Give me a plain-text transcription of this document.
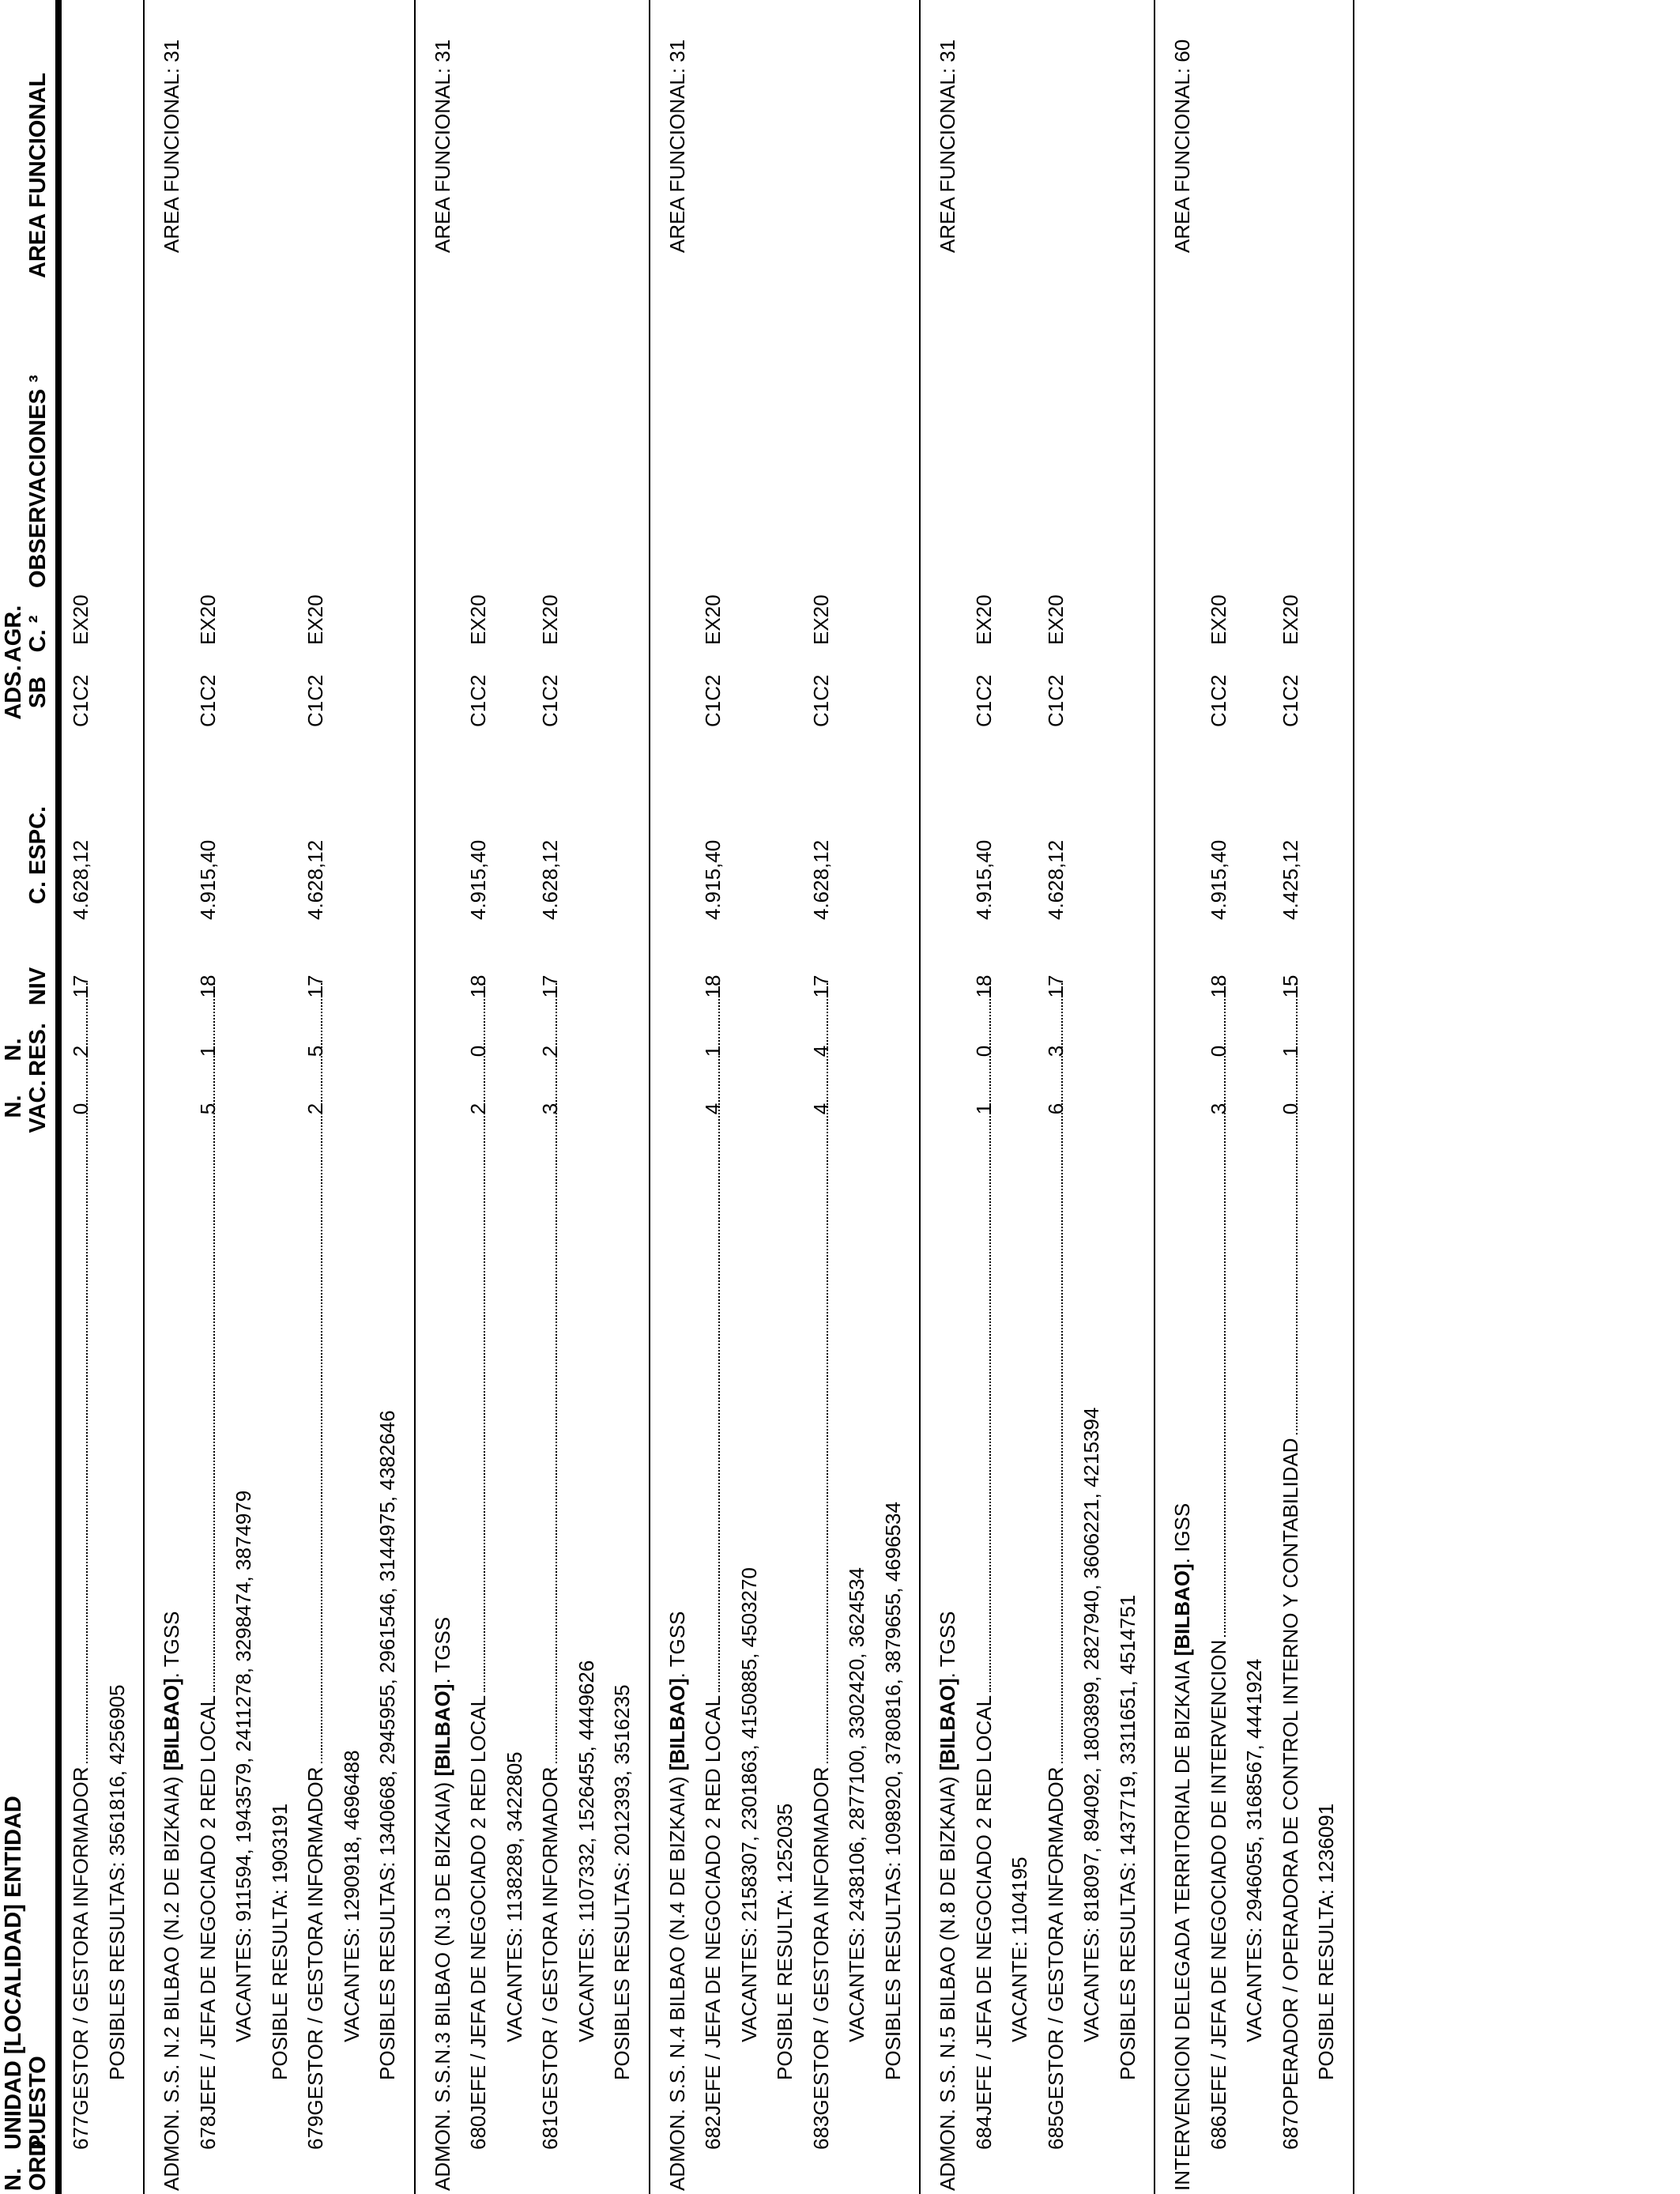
N. ORD.
UNIDAD [LOCALIDAD] ENTIDAD PUESTO
N. VAC.
N. RES.
NIV
C. ESPC.
ADS. SB
AGR. C. ²
OBSERVACIONES ³
AREA FUNCIONAL
677
GESTOR / GESTORA INFORMADOR
0
2
17
4.628,12
C1C2
EX20
POSIBLES RESULTAS: 3561816, 4256905 ADMON. S.S. N.2 BILBAO (N.2 DE BIZKAIA) [BILBAO]. TGSS
AREA FUNCIONAL: 31
678
JEFE / JEFA DE NEGOCIADO 2 RED LOCAL
5
1
18
4.915,40
C1C2
EX20
VACANTES: 911594, 1943579, 2411278, 3298474, 3874979 POSIBLE RESULTA: 1903191
679
GESTOR / GESTORA INFORMADOR
2
5
17
4.628,12
C1C2
EX20
VACANTES: 1290918, 4696488 POSIBLES RESULTAS: 1340668, 2945955, 2961546, 3144975, 4382646 ADMON. S.S.N.3 BILBAO (N.3 DE BIZKAIA) [BILBAO]. TGSS
AREA FUNCIONAL: 31
680
JEFE / JEFA DE NEGOCIADO 2 RED LOCAL
2
0
18
4.915,40
C1C2
EX20
VACANTES: 1138289, 3422805
681
GESTOR / GESTORA INFORMADOR
3
2
17
4.628,12
C1C2
EX20
VACANTES: 1107332, 1526455, 4449626 POSIBLES RESULTAS: 2012393, 3516235 ADMON. S.S. N.4 BILBAO (N.4 DE BIZKAIA) [BILBAO]. TGSS
AREA FUNCIONAL: 31
682
JEFE / JEFA DE NEGOCIADO 2 RED LOCAL
4
1
18
4.915,40
C1C2
EX20
VACANTES: 2158307, 2301863, 4150885, 4503270 POSIBLE RESULTA: 1252035
683
GESTOR / GESTORA INFORMADOR
4
4
17
4.628,12
C1C2
EX20
VACANTES: 2438106, 2877100, 3302420, 3624534 POSIBLES RESULTAS: 1098920, 3780816, 3879655, 4696534 ADMON. S.S. N.5 BILBAO (N.8 DE BIZKAIA) [BILBAO]. TGSS
AREA FUNCIONAL: 31
684
JEFE / JEFA DE NEGOCIADO 2 RED LOCAL
1
0
18
4.915,40
C1C2
EX20
VACANTE: 1104195
685
GESTOR / GESTORA INFORMADOR
6
3
17
4.628,12
C1C2
EX20
VACANTES: 818097, 894092, 1803899, 2827940, 3606221, 4215394 POSIBLES RESULTAS: 1437719, 3311651, 4514751 INTERVENCION DELEGADA TERRITORIAL DE BIZKAIA [BILBAO]. IGSS
AREA FUNCIONAL: 60
686
JEFE / JEFA DE NEGOCIADO DE INTERVENCION
3
0
18
4.915,40
C1C2
EX20
VACANTES: 2946055, 3168567, 4441924
687
OPERADOR / OPERADORA DE CONTROL INTERNO Y CONTABILIDAD
0
1
15
4.425,12
C1C2
EX20
POSIBLE RESULTA: 1236091
